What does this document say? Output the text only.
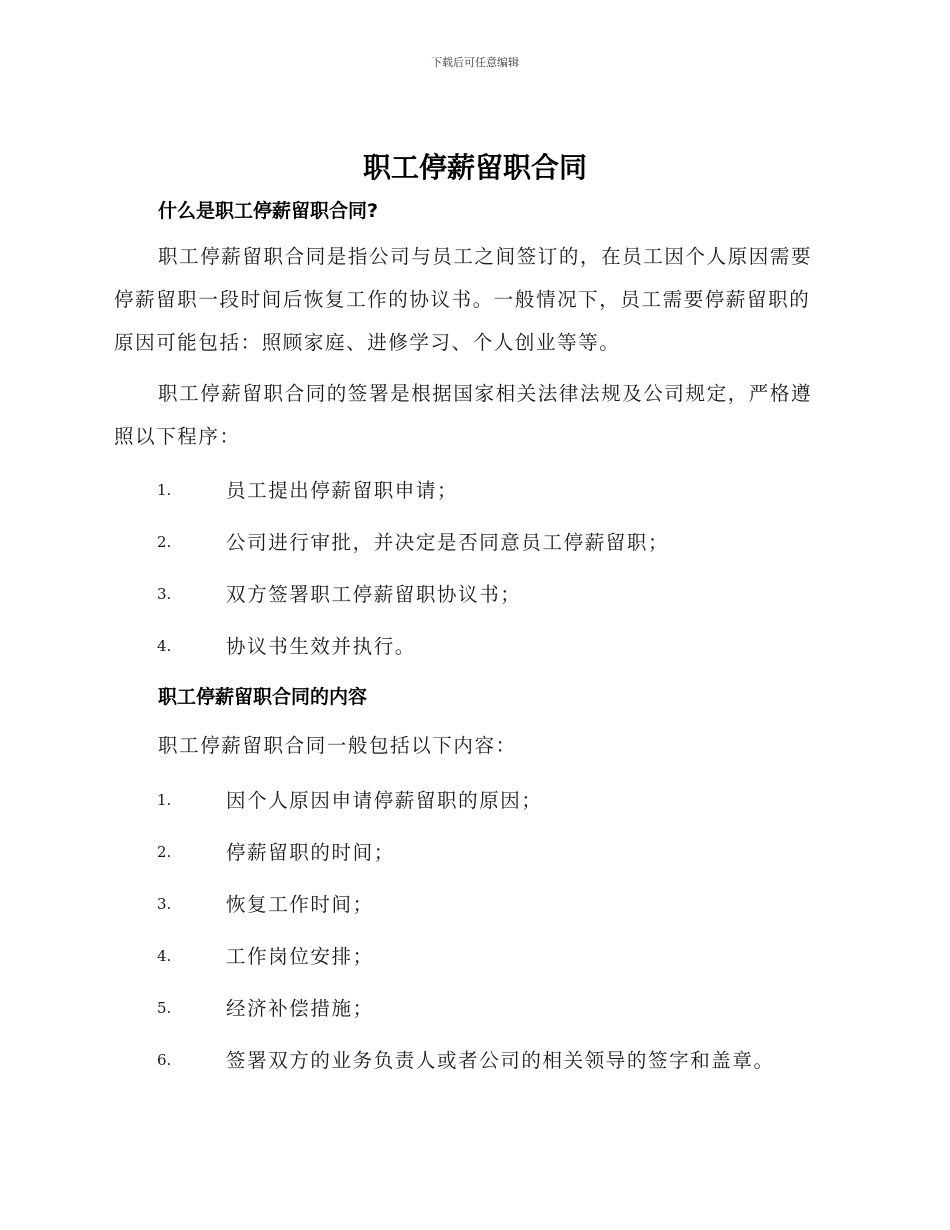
下载后可任意编辑
职工停薪留职合同
什么是职工停薪留职合同?

职工停薪留职合同是指公司与员工之间签订的，在员工因个人原因需要停薪留职一段时间后恢复工作的协议书。一般情况下，员工需要停薪留职的原因可能包括：照顾家庭、进修学习、个人创业等等。

职工停薪留职合同的签署是根据国家相关法律法规及公司规定，严格遵照以下程序：

1.	员工提出停薪留职申请；
2.	公司进行审批，并决定是否同意员工停薪留职；
3.	双方签署职工停薪留职协议书；
4.	协议书生效并执行。
职工停薪留职合同的内容

职工停薪留职合同一般包括以下内容：

1.	因个人原因申请停薪留职的原因；
2.	停薪留职的时间；
3.	恢复工作时间；
4.	工作岗位安排；
5.	经济补偿措施；
6.	签署双方的业务负责人或者公司的相关领导的签字和盖章。
